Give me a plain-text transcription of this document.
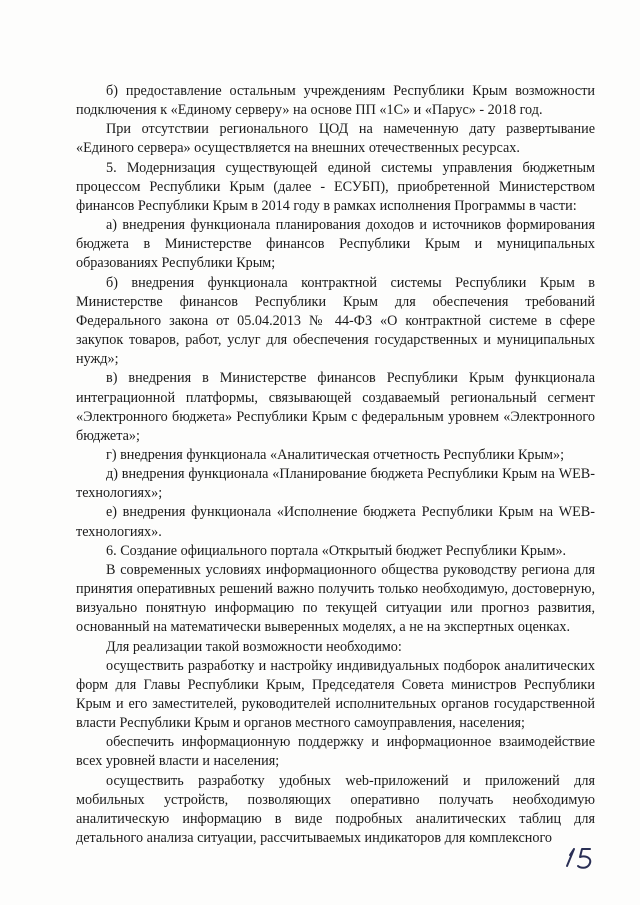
б) предоставление остальным учреждениям Республики Крым возможности подключения к «Единому серверу» на основе ПП «1С» и «Парус» - 2018 год.

При отсутствии регионального ЦОД на намеченную дату развертывание «Единого сервера» осуществляется на внешних отечественных ресурсах.

5. Модернизация существующей единой системы управления бюджетным процессом Республики Крым (далее - ЕСУБП), приобретенной Министерством финансов Республики Крым в 2014 году в рамках исполнения Программы в части:

а) внедрения функционала планирования доходов и источников формирования бюджета в Министерстве финансов Республики Крым и муниципальных образованиях Республики Крым;

б) внедрения функционала контрактной системы Республики Крым в Министерстве финансов Республики Крым для обеспечения требований Федерального закона от 05.04.2013 № 44-ФЗ «О контрактной системе в сфере закупок товаров, работ, услуг для обеспечения государственных и муниципальных нужд»;

в) внедрения в Министерстве финансов Республики Крым функционала интеграционной платформы, связывающей создаваемый региональный сегмент «Электронного бюджета» Республики Крым с федеральным уровнем «Электронного бюджета»;

г) внедрения функционала «Аналитическая отчетность Республики Крым»;

д) внедрения функционала «Планирование бюджета Республики Крым на WEB-технологиях»;

е) внедрения функционала «Исполнение бюджета Республики Крым на WEB-технологиях».

6. Создание официального портала «Открытый бюджет Республики Крым».

В современных условиях информационного общества руководству региона для принятия оперативных решений важно получить только необходимую, достоверную, визуально понятную информацию по текущей ситуации или прогноз развития, основанный на математически выверенных моделях, а не на экспертных оценках.

Для реализации такой возможности необходимо:

осуществить разработку и настройку индивидуальных подборок аналитических форм для Главы Республики Крым, Председателя Совета министров Республики Крым и его заместителей, руководителей исполнительных органов государственной власти Республики Крым и органов местного самоуправления, населения;

обеспечить информационную поддержку и информационное взаимодействие всех уровней власти и населения;

осуществить разработку удобных web-приложений и приложений для мобильных устройств, позволяющих оперативно получать необходимую аналитическую информацию в виде подробных аналитических таблиц для детального анализа ситуации, рассчитываемых индикаторов для комплексного
